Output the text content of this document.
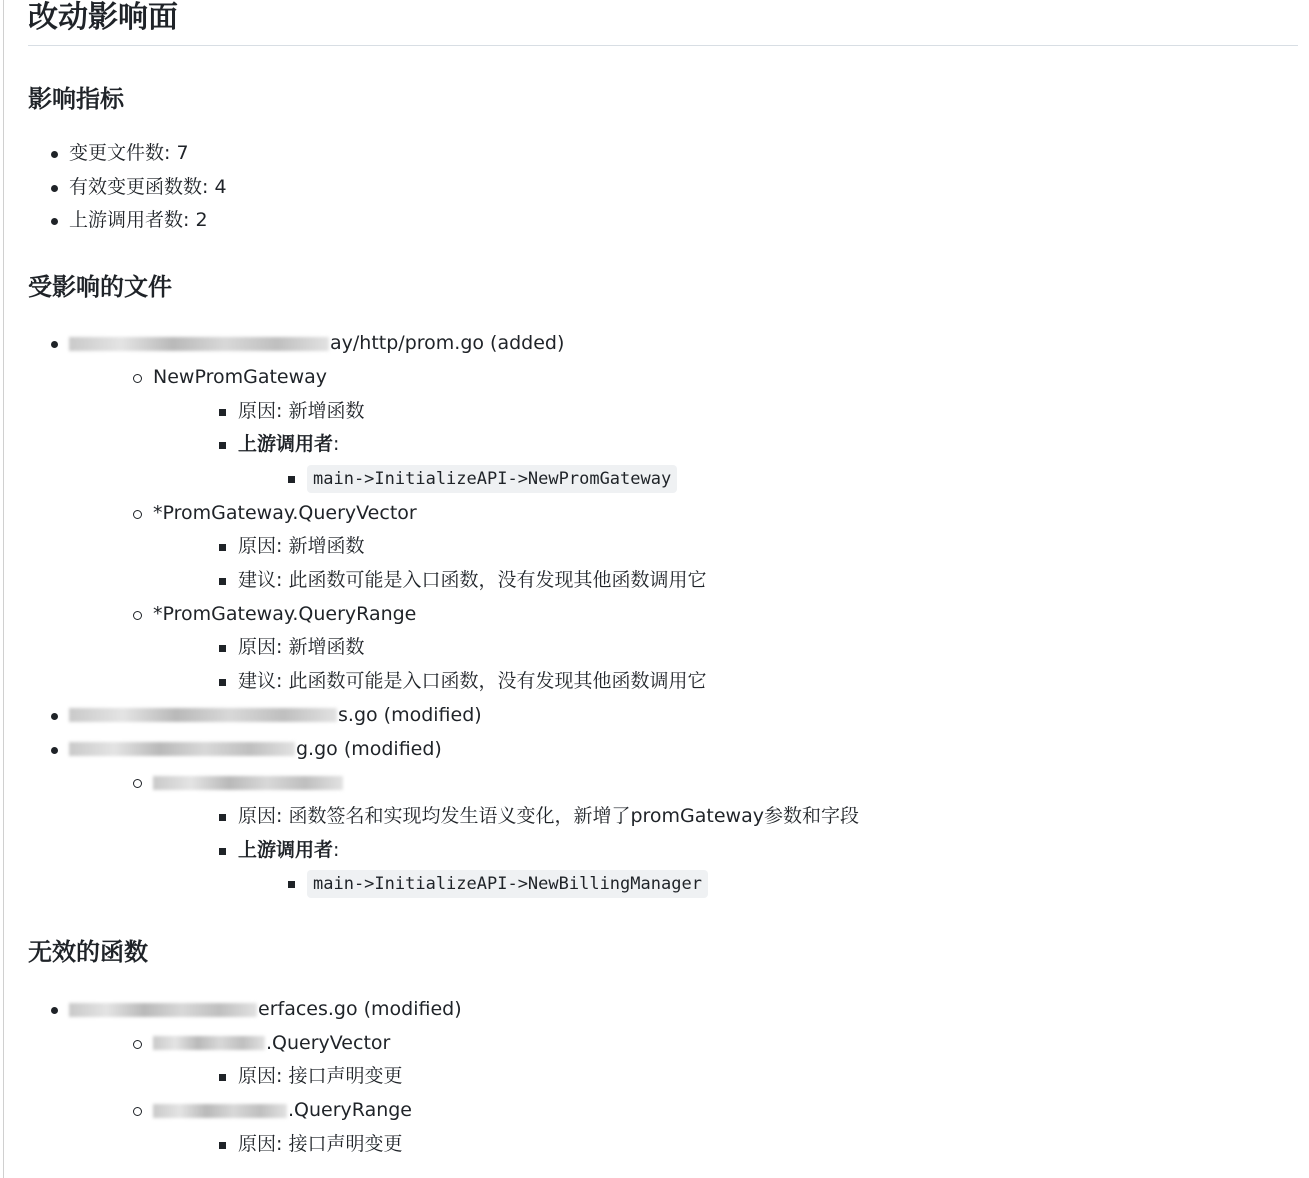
改动影响面
影响指标
变更文件数: 7
有效变更函数数: 4
上游调用者数: 2
受影响的文件
ay/http/prom.go (added)
NewPromGateway
原因: 新增函数
上游调用者:
main->InitializeAPI->NewPromGateway
*PromGateway.QueryVector
原因: 新增函数
建议: 此函数可能是入口函数，没有发现其他函数调用它
*PromGateway.QueryRange
原因: 新增函数
建议: 此函数可能是入口函数，没有发现其他函数调用它
s.go (modified)
g.go (modified)
原因: 函数签名和实现均发生语义变化，新增了promGateway参数和字段
上游调用者:
main->InitializeAPI->NewBillingManager
无效的函数
erfaces.go (modified)
.QueryVector
原因: 接口声明变更
.QueryRange
原因: 接口声明变更
